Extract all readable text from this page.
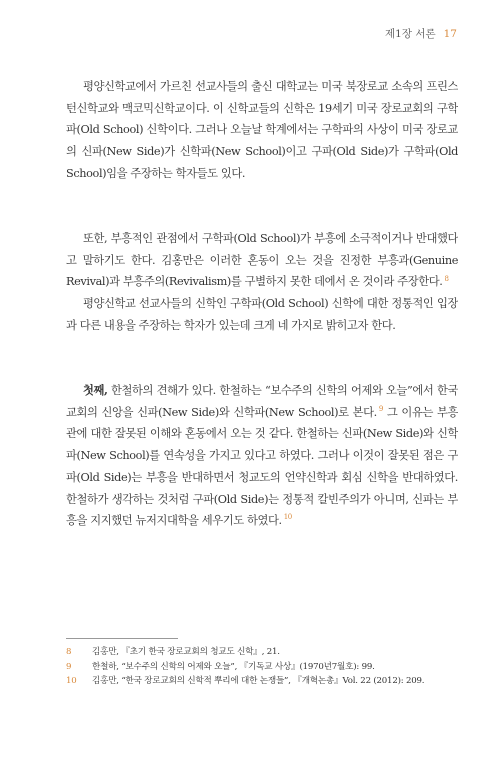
제1장 서론 17

평양신학교에서 가르친 선교사들의 출신 대학교는 미국 북장로교 소속의 프린스턴신학교와 맥코믹신학교이다. 이 신학교들의 신학은 19세기 미국 장로교회의 구학파(Old School) 신학이다. 그러나 오늘날 학계에서는 구학파의 사상이 미국 장로교의 신파(New Side)가 신학파(New School)이고 구파(Old Side)가 구학파(Old School)임을 주장하는 학자들도 있다.

또한, 부흥적인 관점에서 구학파(Old School)가 부흥에 소극적이거나 반대했다고 말하기도 한다. 김홍만은 이러한 혼동이 오는 것을 진정한 부흥과(Genuine Revival)과 부흥주의(Revivalism)를 구별하지 못한 데에서 온 것이라 주장한다. $^8$

평양신학교 선교사들의 신학인 구학파(Old School) 신학에 대한 정통적인 입장과 다른 내용을 주장하는 학자가 있는데 크게 네 가지로 밝히고자 한다.

첫째, 한철하의 견해가 있다. 한철하는 “보수주의 신학의 어제와 오늘”에서 한국 교회의 신앙을 신파(New Side)와 신학파(New School)로 본다. $^9$ 그 이유는 부흥관에 대한 잘못된 이해와 혼동에서 오는 것 같다. 한철하는 신파(New Side)와 신학파(New School)를 연속성을 가지고 있다고 하였다. 그러나 이것이 잘못된 점은 구파(Old Side)는 부흥을 반대하면서 청교도의 언약신학과 회심 신학을 반대하였다. 한철하가 생각하는 것처럼 구파(Old Side)는 정통적 칼빈주의가 아니며, 신파는 부흥을 지지했던 뉴저지대학을 세우기도 하였다. $^{10}$

8 김홍만, 『초기 한국 장로교회의 청교도 신학』, 21.
9 한철하, “보수주의 신학의 어제와 오늘”, 『기독교 사상』(1970년7월호): 99.
10 김홍만, “한국 장로교회의 신학적 뿌리에 대한 논쟁들”, 『개혁논총』Vol. 22 (2012): 209.
